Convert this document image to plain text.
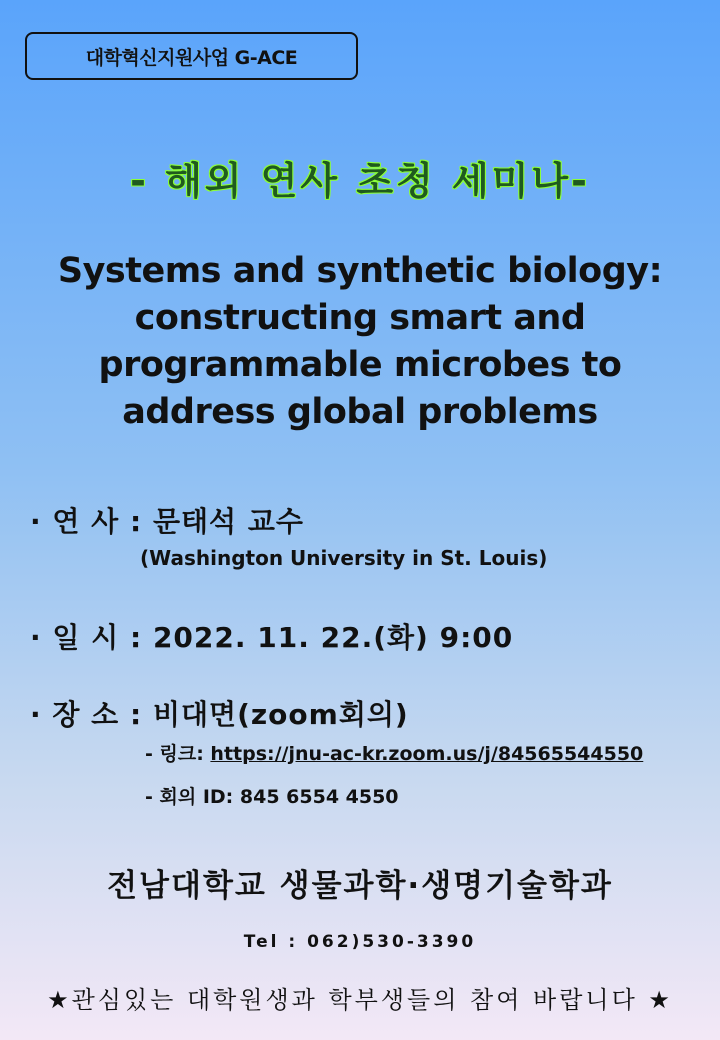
대학혁신지원사업 G-ACE
- 해외 연사 초청 세미나-
Systems and synthetic biology:
constructing smart and
programmable microbes to
address global problems
· 연 사 : 문태석 교수
(Washington University in St. Louis)
· 일 시 : 2022. 11. 22.(화) 9:00
· 장 소 : 비대면(zoom회의)
- 링크: https://jnu-ac-kr.zoom.us/j/84565544550
- 회의 ID: 845 6554 4550
전남대학교 생물과학·생명기술학과
Tel : 062)530-3390
★관심있는 대학원생과 학부생들의 참여 바랍니다 ★
